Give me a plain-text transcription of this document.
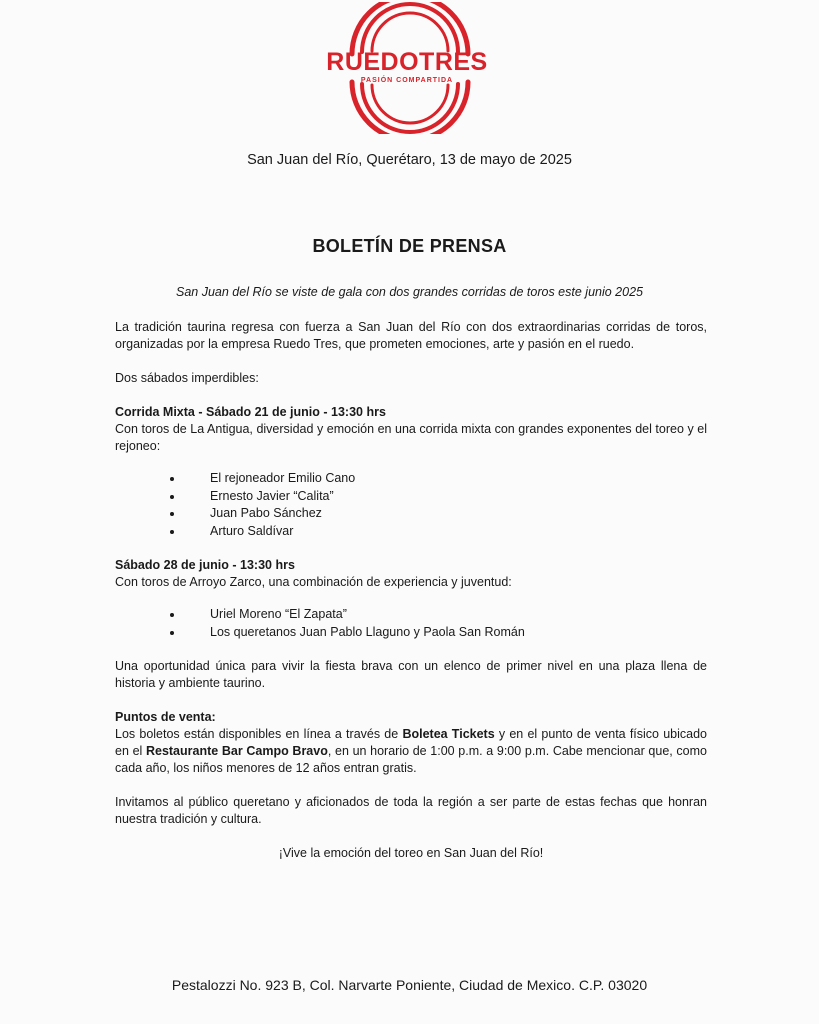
RUEDOTRES
PASIÓN COMPARTIDA
San Juan del Río, Querétaro, 13 de mayo de 2025
BOLETÍN DE PRENSA
San Juan del Río se viste de gala con dos grandes corridas de toros este junio 2025

La tradición taurina regresa con fuerza a San Juan del Río con dos extraordinarias corridas de toros, organizadas por la empresa Ruedo Tres, que prometen emociones, arte y pasión en el ruedo.

Dos sábados imperdibles:

Corrida Mixta - Sábado 21 de junio - 13:30 hrs

Con toros de La Antigua, diversidad y emoción en una corrida mixta con grandes exponentes del toreo y el rejoneo:

El rejoneador Emilio Cano
Ernesto Javier “Calita”
Juan Pabo Sánchez
Arturo Saldívar

Sábado 28 de junio - 13:30 hrs

Con toros de Arroyo Zarco, una combinación de experiencia y juventud:

Uriel Moreno “El Zapata”
Los queretanos Juan Pablo Llaguno y Paola San Román

Una oportunidad única para vivir la fiesta brava con un elenco de primer nivel en una plaza llena de historia y ambiente taurino.

Puntos de venta:

Los boletos están disponibles en línea a través de Boletea Tickets y en el punto de venta físico ubicado en el Restaurante Bar Campo Bravo, en un horario de 1:00 p.m. a 9:00 p.m. Cabe mencionar que, como cada año, los niños menores de 12 años entran gratis.

Invitamos al público queretano y aficionados de toda la región a ser parte de estas fechas que honran nuestra tradición y cultura.

¡Vive la emoción del toreo en San Juan del Río!

Pestalozzi No. 923 B, Col. Narvarte Poniente, Ciudad de Mexico. C.P. 03020
